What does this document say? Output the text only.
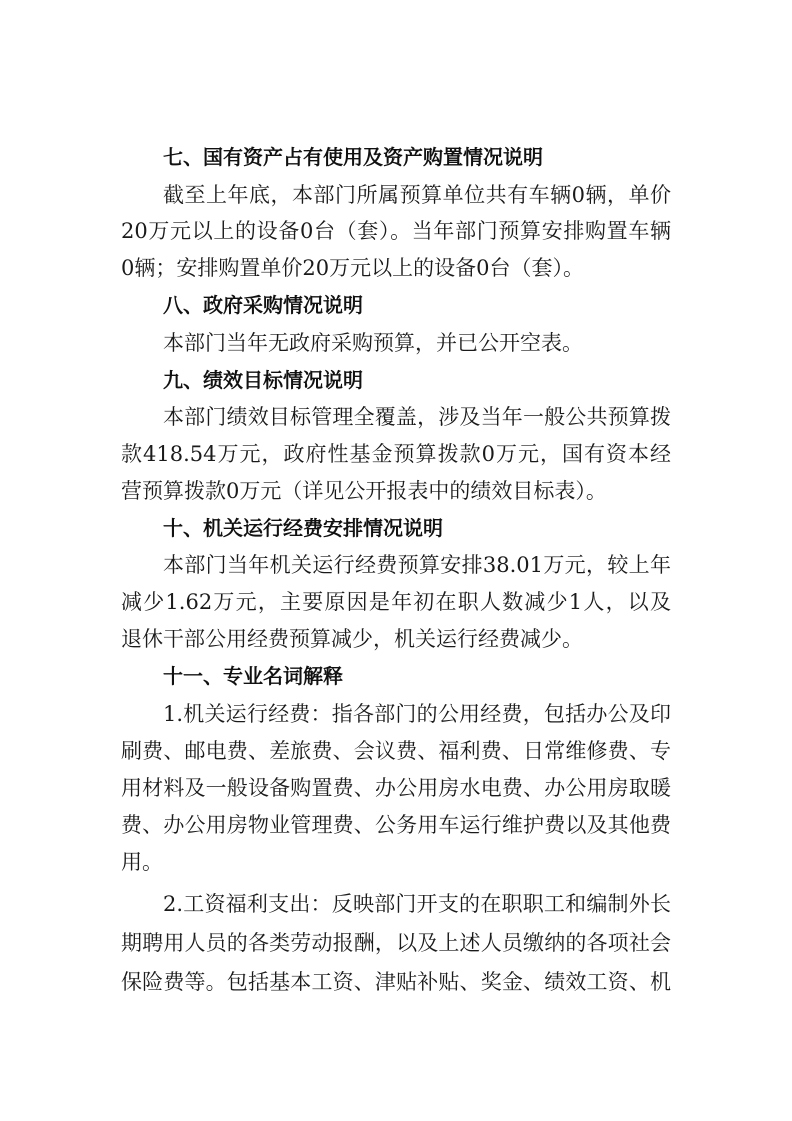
七、国有资产占有使用及资产购置情况说明
截至上年底，本部门所属预算单位共有车辆0辆，单价
20万元以上的设备0台（套）。当年部门预算安排购置车辆
0辆；安排购置单价20万元以上的设备0台（套）。
八、政府采购情况说明
本部门当年无政府采购预算，并已公开空表。
九、绩效目标情况说明
本部门绩效目标管理全覆盖，涉及当年一般公共预算拨
款418.54万元，政府性基金预算拨款0万元，国有资本经
营预算拨款0万元（详见公开报表中的绩效目标表）。
十、机关运行经费安排情况说明
本部门当年机关运行经费预算安排38.01万元，较上年
减少1.62万元，主要原因是年初在职人数减少1人，以及
退休干部公用经费预算减少，机关运行经费减少。
十一、专业名词解释
1.机关运行经费：指各部门的公用经费，包括办公及印
刷费、邮电费、差旅费、会议费、福利费、日常维修费、专
用材料及一般设备购置费、办公用房水电费、办公用房取暖
费、办公用房物业管理费、公务用车运行维护费以及其他费
用。
2.工资福利支出：反映部门开支的在职职工和编制外长
期聘用人员的各类劳动报酬，以及上述人员缴纳的各项社会
保险费等。包括基本工资、津贴补贴、奖金、绩效工资、机
